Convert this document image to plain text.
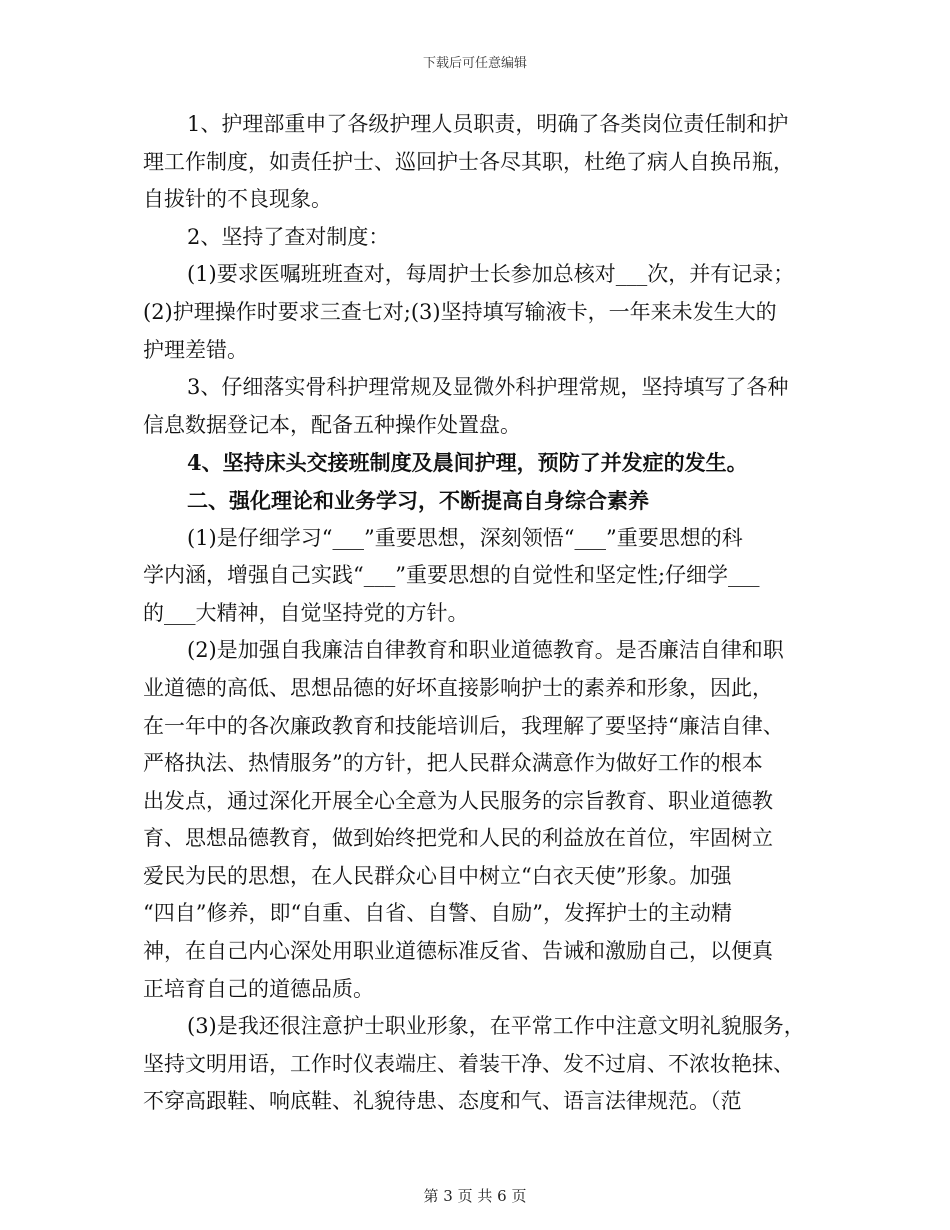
下载后可任意编辑
1、护理部重申了各级护理人员职责，明确了各类岗位责任制和护
理工作制度，如责任护士、巡回护士各尽其职，杜绝了病人自换吊瓶，
自拔针的不良现象。
2、坚持了查对制度：
(1)要求医嘱班班查对，每周护士长参加总核对___次，并有记录；
(2)护理操作时要求三查七对;(3)坚持填写输液卡，一年来未发生大的
护理差错。
3、仔细落实骨科护理常规及显微外科护理常规，坚持填写了各种
信息数据登记本，配备五种操作处置盘。
4、坚持床头交接班制度及晨间护理，预防了并发症的发生。
二、强化理论和业务学习，不断提高自身综合素养
(1)是仔细学习“___”重要思想，深刻领悟“___”重要思想的科
学内涵，增强自己实践“___”重要思想的自觉性和坚定性;仔细学___
的___大精神，自觉坚持党的方针。
(2)是加强自我廉洁自律教育和职业道德教育。是否廉洁自律和职
业道德的高低、思想品德的好坏直接影响护士的素养和形象，因此，
在一年中的各次廉政教育和技能培训后，我理解了要坚持“廉洁自律、
严格执法、热情服务”的方针，把人民群众满意作为做好工作的根本
出发点，通过深化开展全心全意为人民服务的宗旨教育、职业道德教
育、思想品德教育，做到始终把党和人民的利益放在首位，牢固树立
爱民为民的思想，在人民群众心目中树立“白衣天使”形象。加强
“四自”修养，即“自重、自省、自警、自励”，发挥护士的主动精
神，在自己内心深处用职业道德标准反省、告诫和激励自己，以便真
正培育自己的道德品质。
(3)是我还很注意护士职业形象，在平常工作中注意文明礼貌服务，
坚持文明用语，工作时仪表端庄、着装干净、发不过肩、不浓妆艳抹、
不穿高跟鞋、响底鞋、礼貌待患、态度和气、语言法律规范。（范
第 3 页 共 6 页
